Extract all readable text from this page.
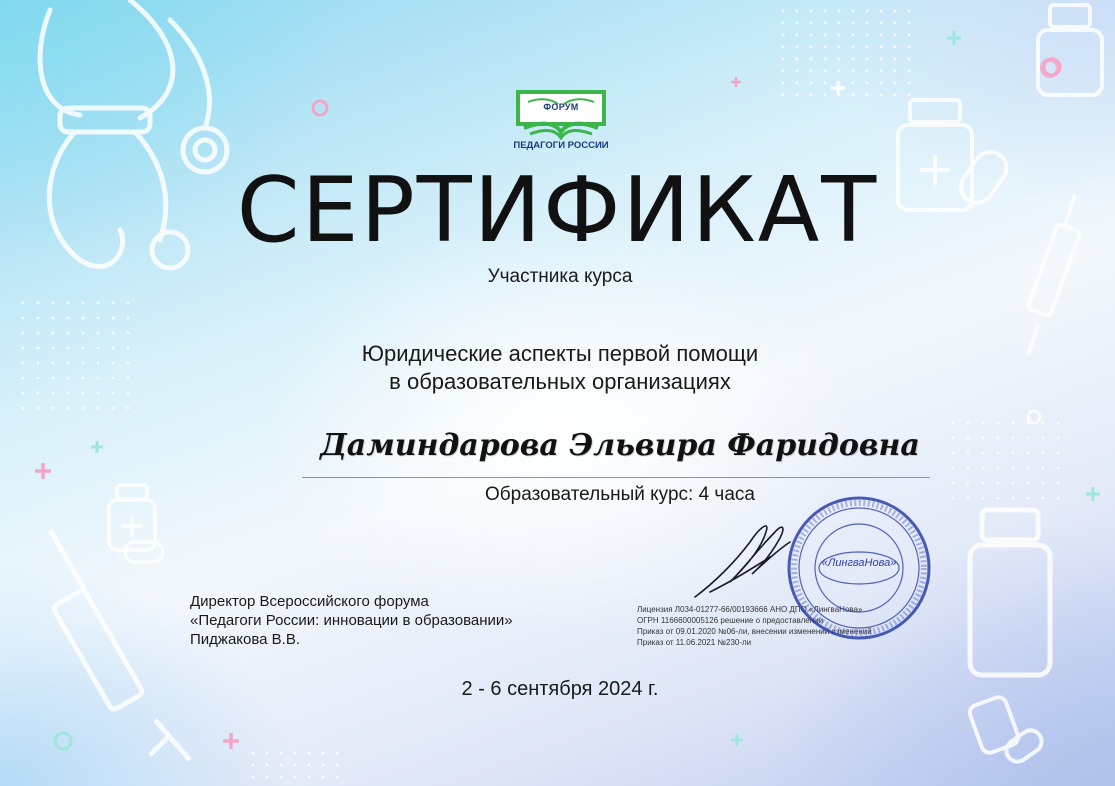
ФОРУМ
ПЕДАГОГИ РОССИИ
СЕРТИФИКАТ
Участника курса
Юридические аспекты первой помощи
в образовательных организациях
Даминдарова Эльвира Фаридовна
Образовательный курс: 4 часа
Директор Всероссийского форума
«Педагоги России: инновации в образовании»
Пиджакова В.В.
Лицензия Л034-01277-66/00193666 АНО ДПО «ЛингваНова»
ОГРН 1166600005126 решение о предоставлении
Приказ от 09.01.2020 №06-ли, внесении изменений изменений
Приказ от 11.06.2021 №230-ли
«ЛингваНова»
2 - 6 сентября 2024 г.
